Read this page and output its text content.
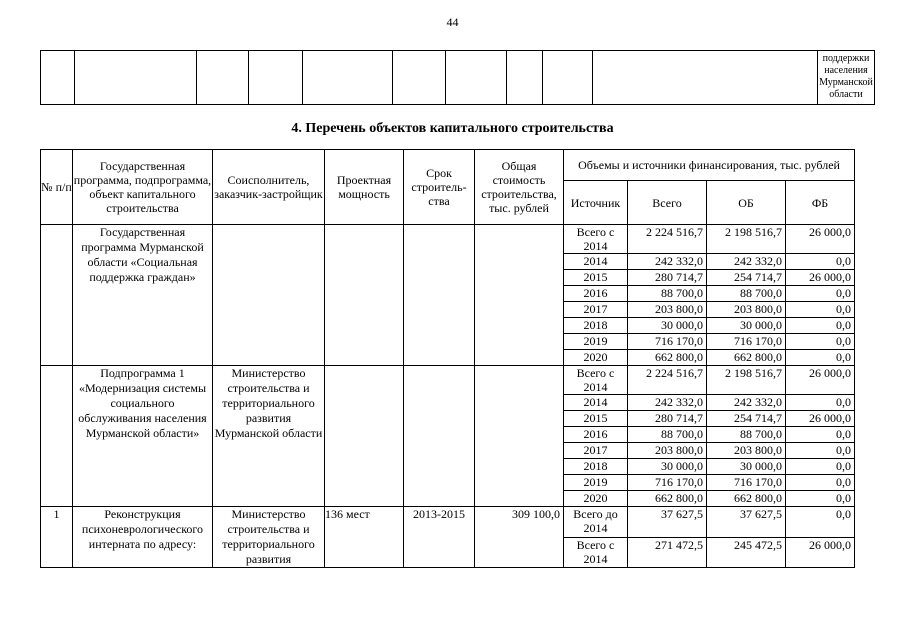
44
										поддержки населения Мурманской области
4. Перечень объектов капитального строительства
№ п/п	Государственная программа, подпрограмма, объект капитального строительства	Соисполнитель, заказчик-застройщик	Проектная мощность	Срок строитель-ства	Общая стоимость строительства, тыс. рублей	Объемы и источники финансирования, тыс. рублей			
						Источник	Всего	ОБ	ФБ
	Государственная программа Мурманской области «Социальная поддержка граждан»					Всего с 2014	2 224 516,7	2 198 516,7	26 000,0
						2014	242 332,0	242 332,0	0,0
						2015	280 714,7	254 714,7	26 000,0
						2016	88 700,0	88 700,0	0,0
						2017	203 800,0	203 800,0	0,0
						2018	30 000,0	30 000,0	0,0
						2019	716 170,0	716 170,0	0,0
						2020	662 800,0	662 800,0	0,0
	Подпрограмма 1 «Модернизация системы социального обслуживания населения Мурманской области»	Министерство строительства и территориального развития Мурманской области				Всего с 2014	2 224 516,7	2 198 516,7	26 000,0
						2014	242 332,0	242 332,0	0,0
						2015	280 714,7	254 714,7	26 000,0
						2016	88 700,0	88 700,0	0,0
						2017	203 800,0	203 800,0	0,0
						2018	30 000,0	30 000,0	0,0
						2019	716 170,0	716 170,0	0,0
						2020	662 800,0	662 800,0	0,0
1	Реконструкция психоневрологического интерната по адресу:	Министерство строительства и территориального развития	136 мест	2013-2015	309 100,0	Всего до 2014	37 627,5	37 627,5	0,0
						Всего с 2014	271 472,5	245 472,5	26 000,0
